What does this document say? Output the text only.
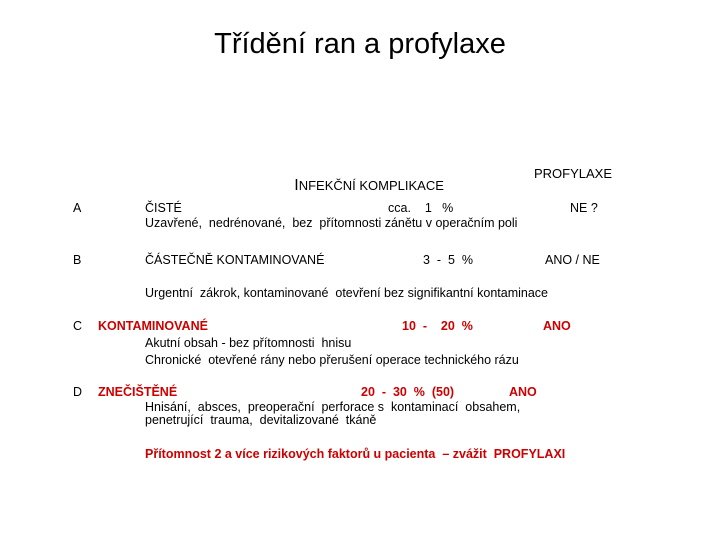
Třídění ran a profylaxe

INFEKČNÍ KOMPLIKACE

PROFYLAXE
A	ČISTÉ	cca.    1   %	NE ?
Uzavřené,  nedrénované,  bez  přítomnosti zánětu v operačním poli
B	ČÁSTEČNĚ KONTAMINOVANÉ	3  -  5  %	ANO / NE
Urgentní  zákrok, kontaminované  otevření bez signifikantní kontaminace
C KONTAMINOVANÉ	10  -    20  %	ANO
Akutní obsah - bez přítomnosti  hnisu
Chronické  otevřené rány nebo přerušení operace technického rázu
D ZNEČIŠTĚNÉ	20  -  30  %  (50)	ANO
Hnisání,  absces,  preoperační  perforace s  kontaminací  obsahem,
penetrující  trauma,  devitalizované  tkáně
Přítomnost 2 a více rizikových faktorů u pacienta  – zvážit  PROFYLAXI
